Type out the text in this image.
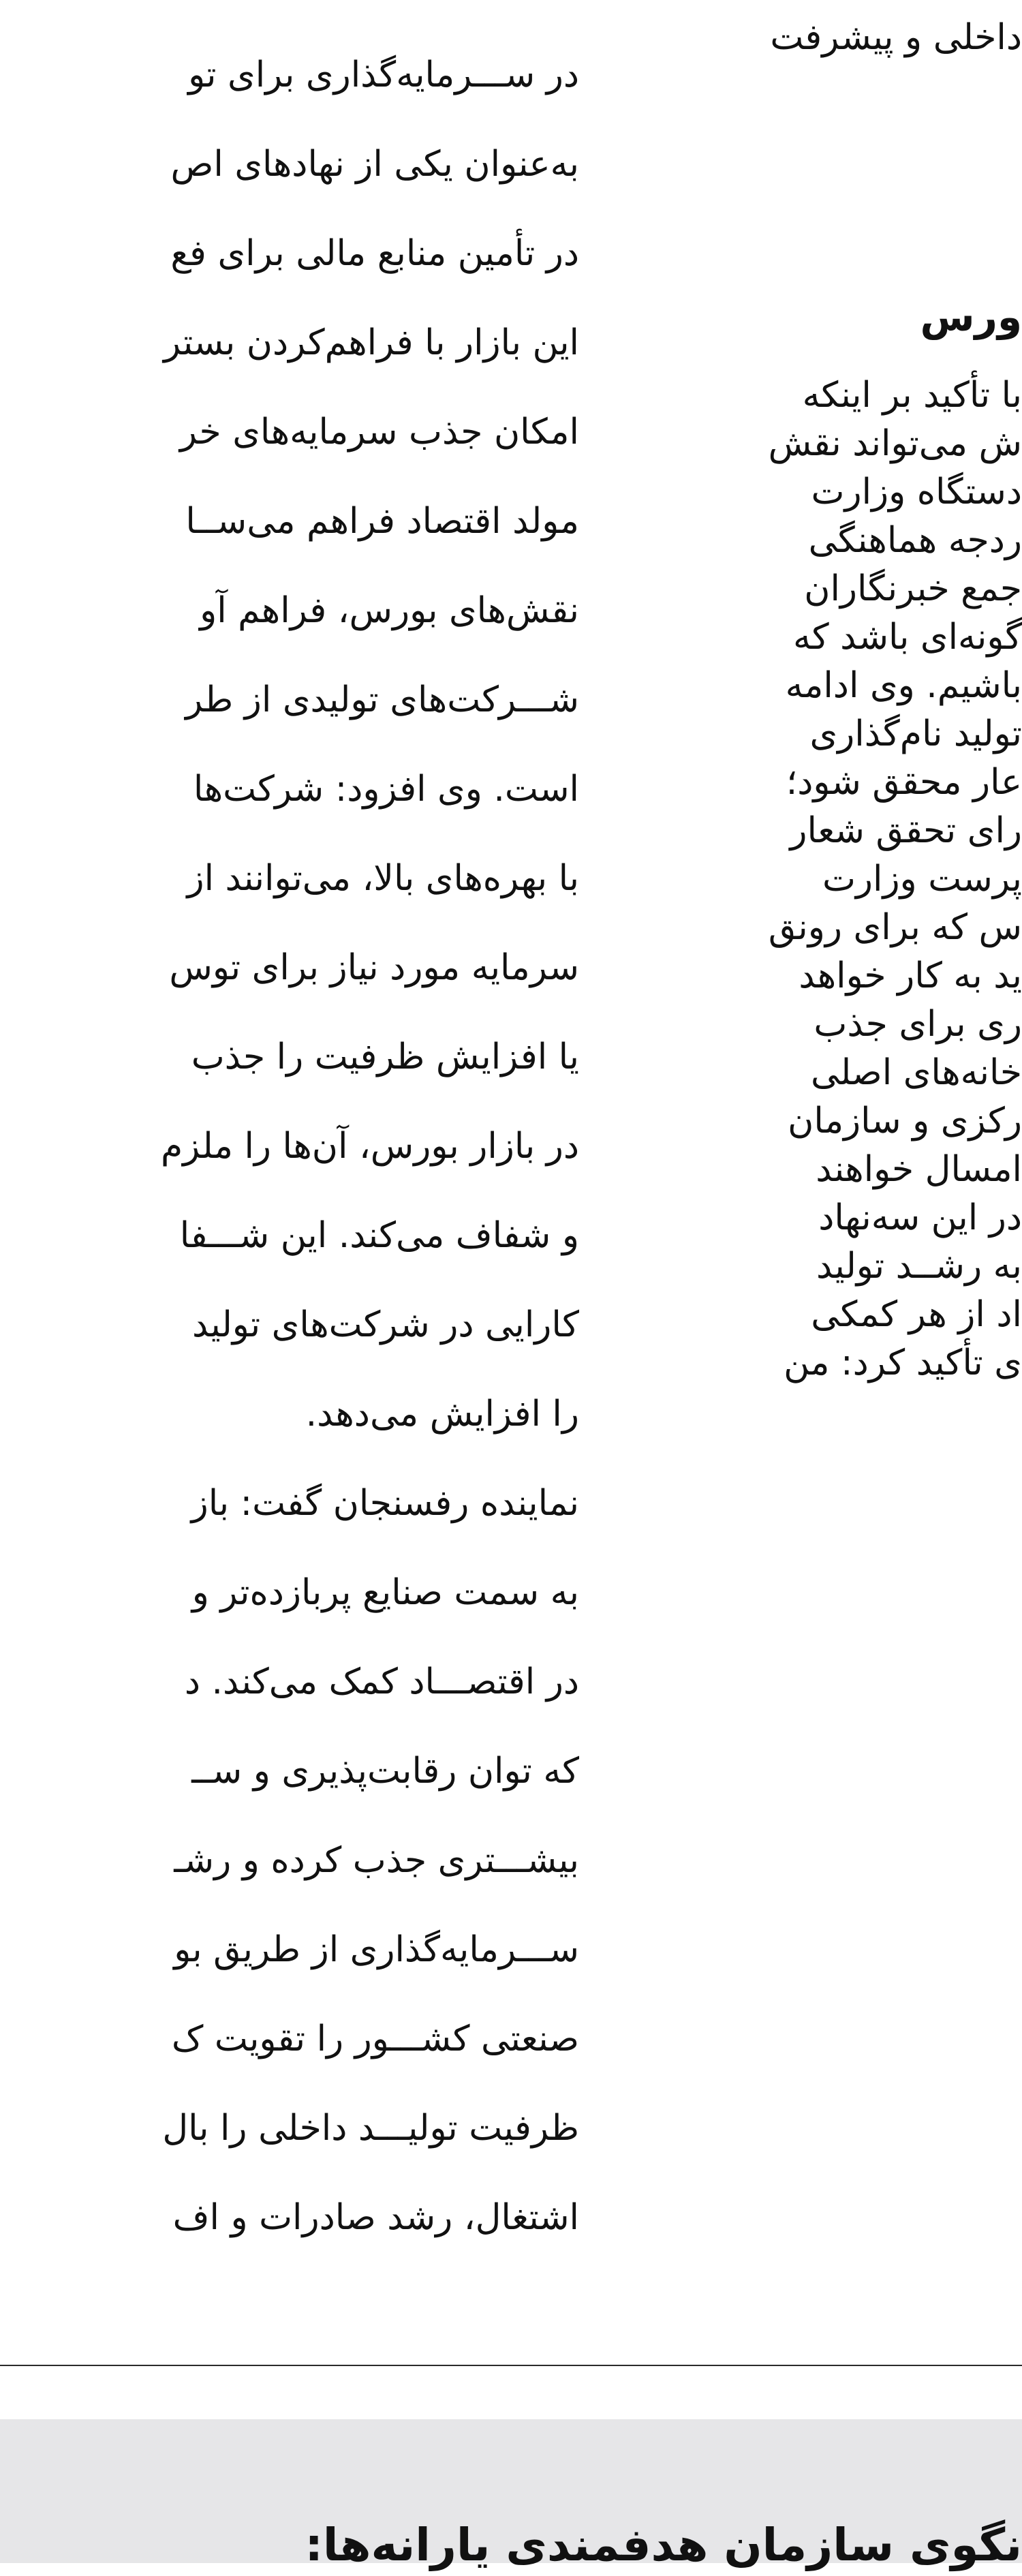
داخلی و پیشرفت
ورس
با تأکید بر اینکه
ش می‌تواند نقش
دستگاه وزارت
ردجه هماهنگی
جمع خبرنگاران
گونه‌ای باشد که
باشیم. وی ادامه
تولید نام‌گذاری
عار محقق شود؛
رای تحقق شعار
پرست وزارت
س که برای رونق
ید به کار خواهد
ری برای جذب
خانه‌های اصلی
رکزی و سازمان
امسال خواهند
در این سه‌نهاد
به رشــد تولید
اد از هر کمکی
ی تأکید کرد: من
در ســـرمایه‌گذاری برای تو
به‌عنوان یکی از نهادهای اص
در تأمین منابع مالی برای فع
این بازار با فراهم‌کردن بستر
امکان جذب سرمایه‌های خر
مولد اقتصاد فراهم می‌ســا
نقش‌های بورس، فراهم آو
شـــرکت‌های تولیدی از طر
است. وی افزود: شرکت‌ها
با بهره‌های بالا، می‌توانند از
سرمایه مورد نیاز برای توس
یا افزایش ظرفیت را جذب
در بازار بورس، آن‌ها را ملزم
و شفاف می‌کند. این شـــفا
کارایی در شرکت‌های تولید
را افزایش می‌دهد.
نماینده رفسنجان گفت: باز
به سمت صنایع پربازده‌تر و
در اقتصـــاد کمک می‌کند. د
که توان رقابت‌پذیری و ســ
بیشـــتری جذب کرده و رشـ
ســـرمایه‌گذاری از طریق بو
صنعتی کشـــور را تقویت ک
ظرفیت تولیـــد داخلی را بال
اشتغال، رشد صادرات و اف
نگوی سازمان هدفمندی یارانه‌ها:
